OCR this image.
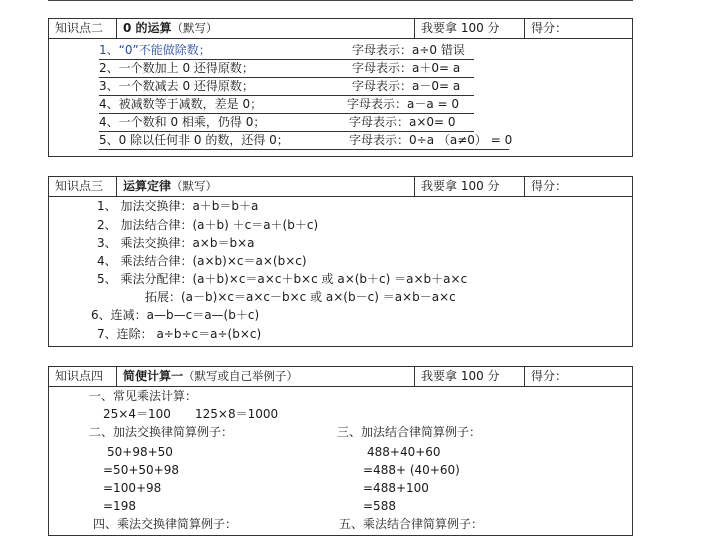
知识点二	0 的运算（默写）	我要拿 100 分	得分：
1、“0”不能做除数；	字母表示：a÷0 错误
2、一个数加上 0 还得原数；	字母表示：a＋0= a
3、一个数减去 0 还得原数；	字母表示：a－0= a
4、被减数等于减数，差是 0；	字母表示：a－a = 0
4、一个数和 0 相乘，仍得 0；	字母表示：a×0= 0
5、0 除以任何非 0 的数，还得 0；	字母表示：0÷a （a≠0） = 0
知识点三	运算定律（默写）	我要拿 100 分	得分：
1、 加法交换律：a＋b＝b＋a
2、 加法结合律：(a＋b) ＋c＝a＋(b＋c)
3、 乘法交换律：a×b＝b×a
4、 乘法结合律：(a×b)×c＝a×(b×c)
5、 乘法分配律：(a＋b)×c＝a×c＋b×c 或 a×(b＋c) ＝a×b＋a×c
拓展：(a－b)×c＝a×c－b×c 或 a×(b－c) ＝a×b－a×c
6、连减：a—b—c＝a—(b＋c)
7、连除： a÷b÷c＝a÷(b×c)
知识点四	简便计算一（默写或自己举例子）	我要拿 100 分	得分：
一、常见乘法计算：
25×4＝100 125×8＝1000
二、加法交换律简算例子：	三、加法结合律简算例子：
50+98+50	488+40+60
=50+50+98	=488+ (40+60)
=100+98	=488+100
=198	=588
四、乘法交换律简算例子：	五、乘法结合律简算例子：
